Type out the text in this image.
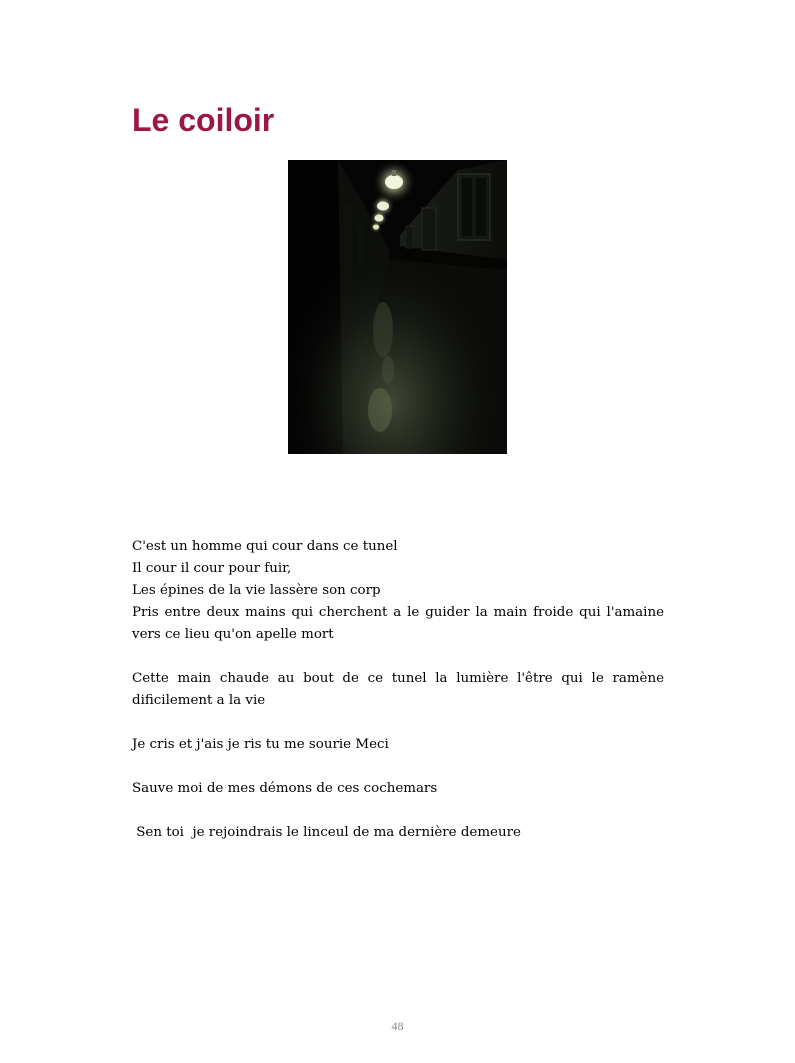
Le coiloir

C'est un homme qui cour dans ce tunel
Il cour il cour pour fuir,
Les épines de la vie lassère son corp
Pris entre deux mains qui cherchent a le guider la main froide qui l'amaine vers ce lieu qu'on apelle mort

Cette main chaude au bout de ce tunel la lumière l'être qui le ramène dificilement a la vie

Je cris et j'ais je ris tu me sourie Meci

Sauve moi de mes démons de ces cochemars

Sen toi  je rejoindrais le linceul de ma dernière demeure

48
